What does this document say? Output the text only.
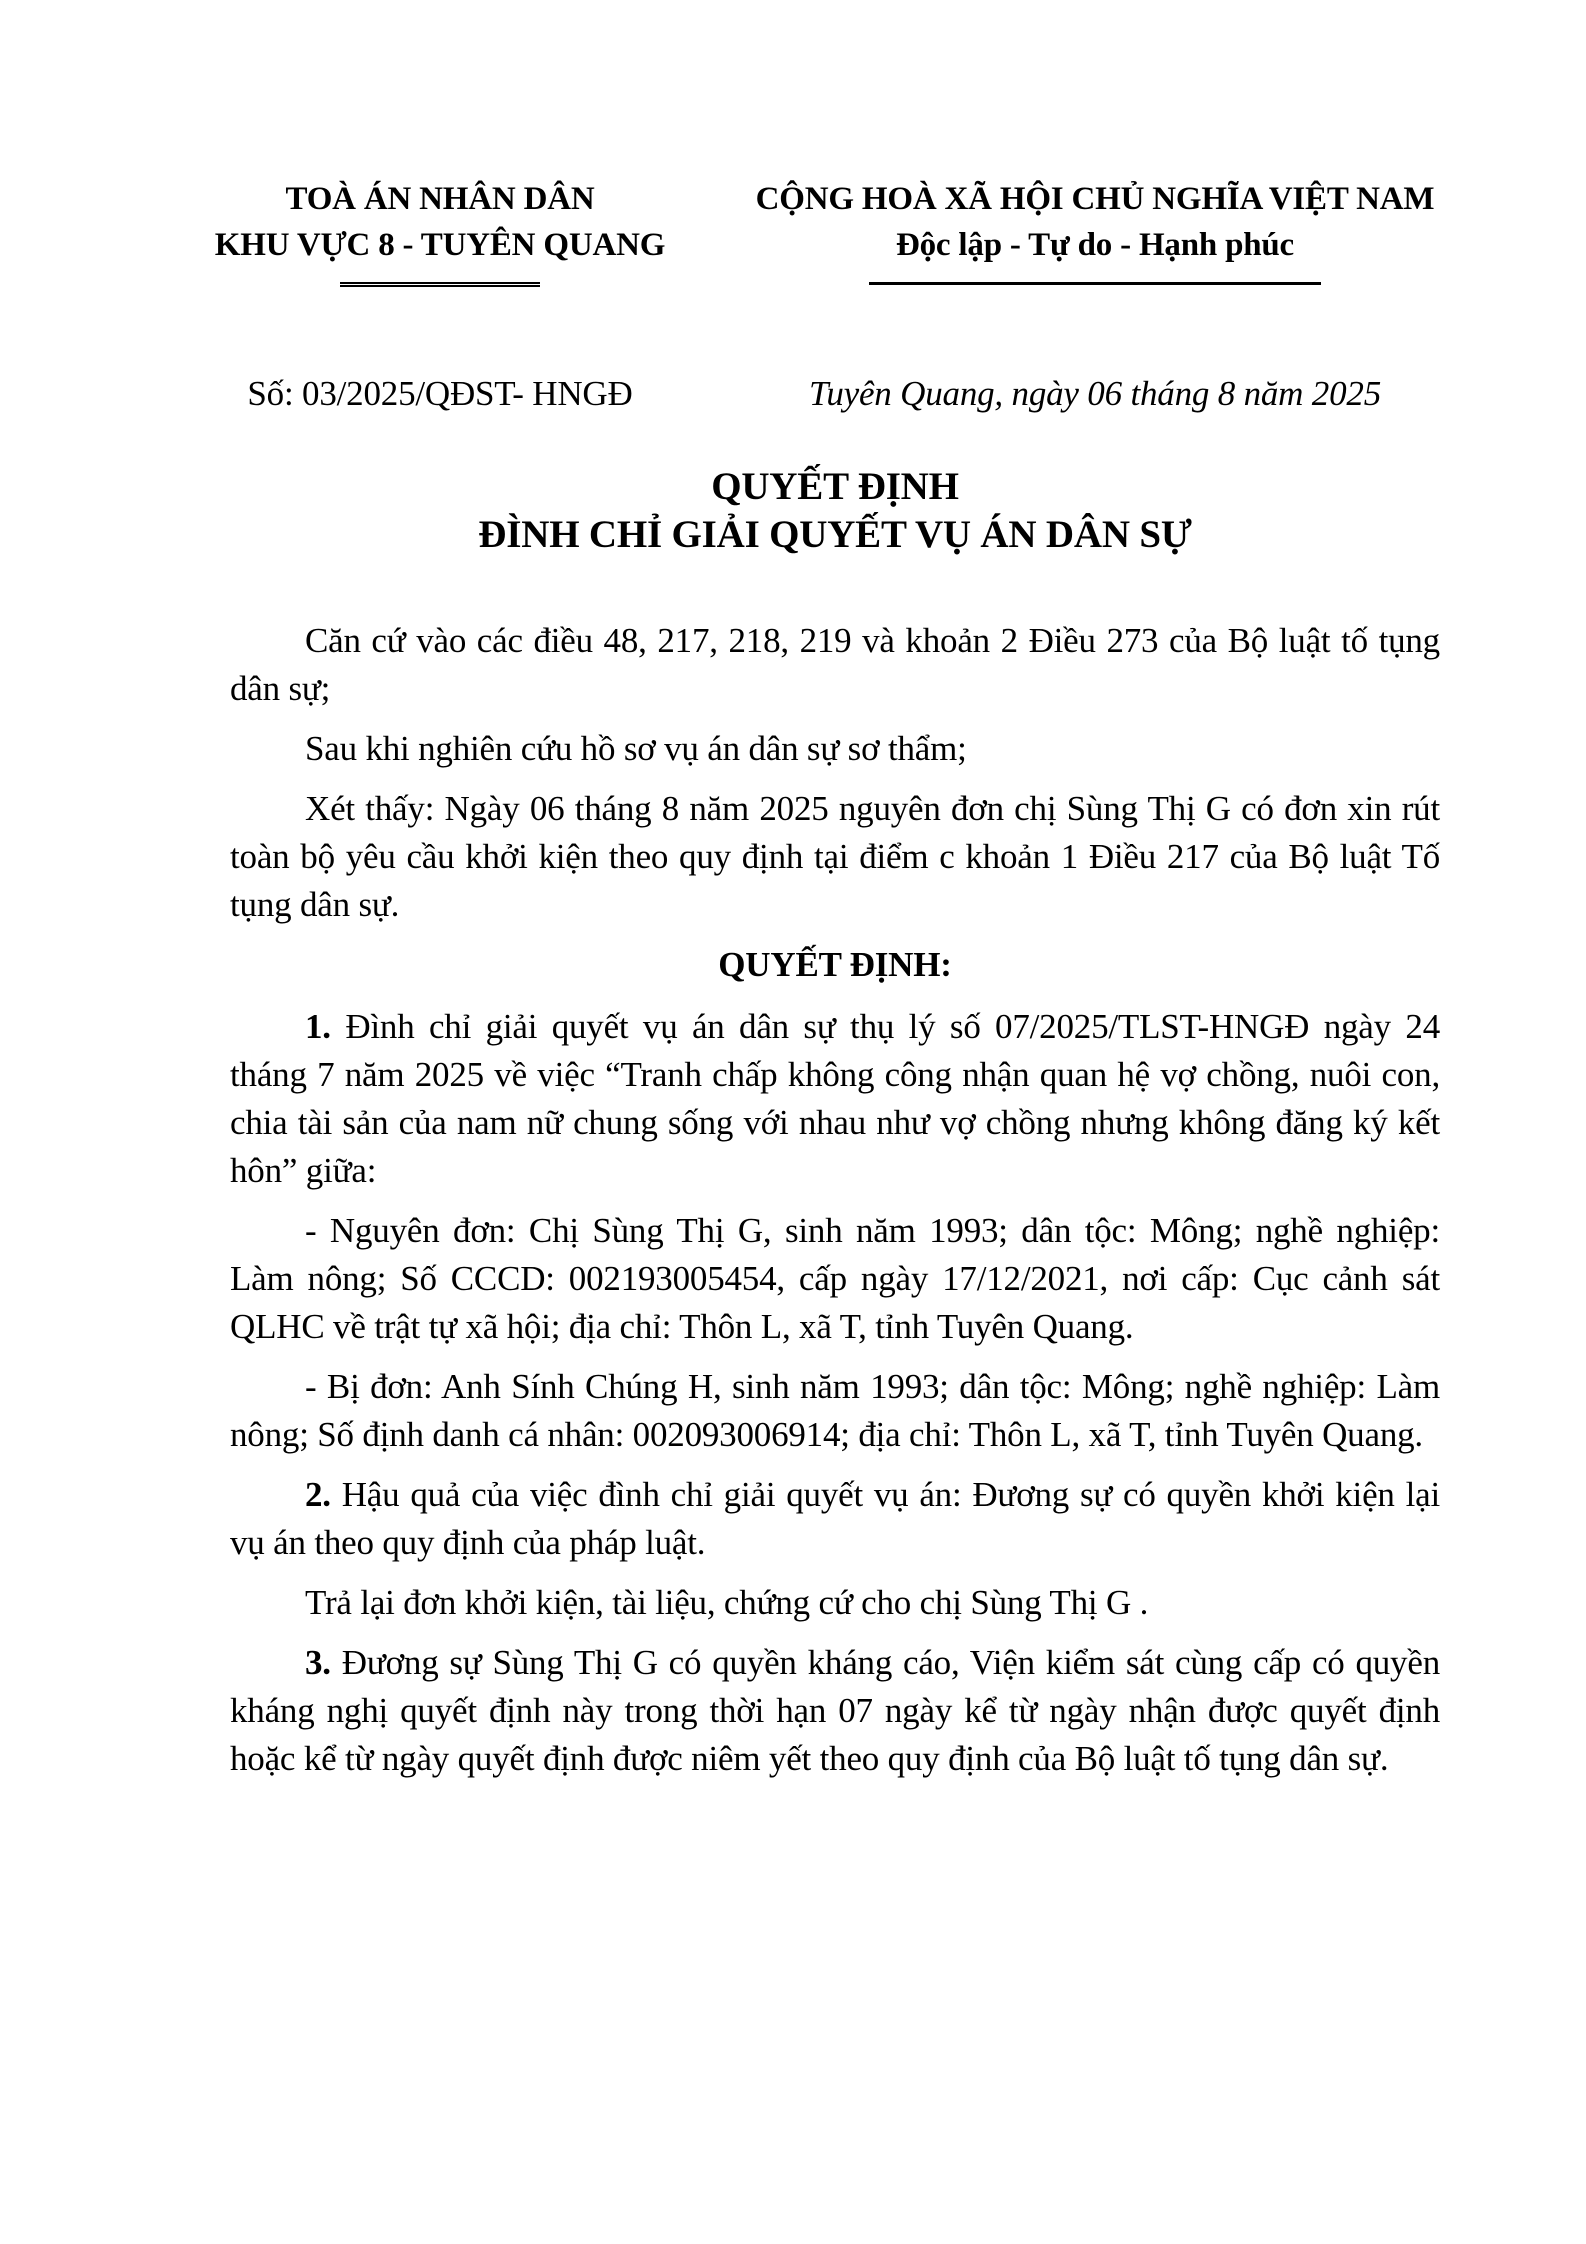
TOÀ ÁN NHÂN DÂN
KHU VỰC 8 - TUYÊN QUANG
CỘNG HOÀ XÃ HỘI CHỦ NGHĨA VIỆT NAM
Độc lập - Tự do - Hạnh phúc
Số: 03/2025/QĐST- HNGĐ	Tuyên Quang, ngày 06 tháng 8 năm 2025
QUYẾT ĐỊNH
ĐÌNH CHỈ GIẢI QUYẾT VỤ ÁN DÂN SỰ

Căn cứ vào các điều 48, 217, 218, 219 và khoản 2 Điều 273 của Bộ luật tố tụng dân sự;

Sau khi nghiên cứu hồ sơ vụ án dân sự sơ thẩm;

Xét thấy: Ngày 06 tháng 8 năm 2025 nguyên đơn chị Sùng Thị G có đơn xin rút toàn bộ yêu cầu khởi kiện theo quy định tại điểm c khoản 1 Điều 217 của Bộ luật Tố tụng dân sự.

QUYẾT ĐỊNH:

1. Đình chỉ giải quyết vụ án dân sự thụ lý số 07/2025/TLST-HNGĐ ngày 24 tháng 7 năm 2025 về việc “Tranh chấp không công nhận quan hệ vợ chồng, nuôi con, chia tài sản của nam nữ chung sống với nhau như vợ chồng nhưng không đăng ký kết hôn” giữa:

- Nguyên đơn: Chị Sùng Thị G, sinh năm 1993; dân tộc: Mông; nghề nghiệp: Làm nông; Số CCCD: 002193005454, cấp ngày 17/12/2021, nơi cấp: Cục cảnh sát QLHC về trật tự xã hội; địa chỉ: Thôn L, xã T, tỉnh Tuyên Quang.

- Bị đơn: Anh Sính Chúng H, sinh năm 1993; dân tộc: Mông; nghề nghiệp: Làm nông; Số định danh cá nhân: 002093006914; địa chỉ: Thôn L, xã T, tỉnh Tuyên Quang.

2. Hậu quả của việc đình chỉ giải quyết vụ án: Đương sự có quyền khởi kiện lại vụ án theo quy định của pháp luật.

Trả lại đơn khởi kiện, tài liệu, chứng cứ cho chị Sùng Thị G .

3. Đương sự Sùng Thị G có quyền kháng cáo, Viện kiểm sát cùng cấp có quyền kháng nghị quyết định này trong thời hạn 07 ngày kể từ ngày nhận được quyết định hoặc kể từ ngày quyết định được niêm yết theo quy định của Bộ luật tố tụng dân sự.
